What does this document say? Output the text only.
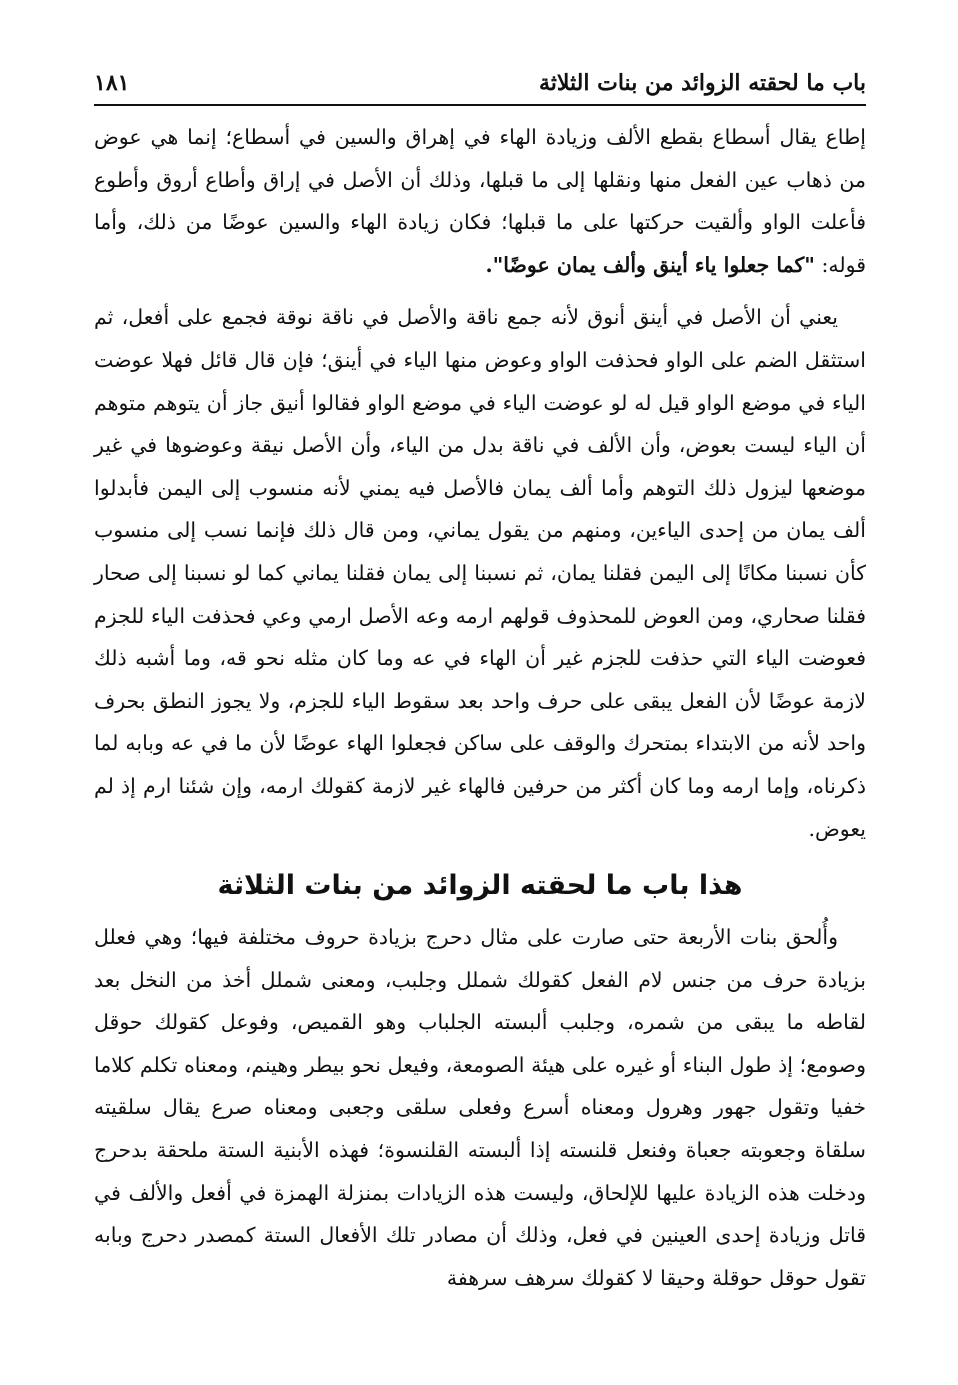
باب ما لحقته الزوائد من بنات الثلاثة
١٨١

إطاع يقال أسطاع بقطع الألف وزيادة الهاء في إهراق والسين في أسطاع؛ إنما هي عوض من ذهاب عين الفعل منها ونقلها إلى ما قبلها، وذلك أن الأصل في إراق وأطاع أروق وأطوع فأعلت الواو وألقيت حركتها على ما قبلها؛ فكان زيادة الهاء والسين عوضًا من ذلك، وأما قوله: "كما جعلوا ياء أينق وألف يمان عوضًا".

يعني أن الأصل في أينق أنوق لأنه جمع ناقة والأصل في ناقة نوقة فجمع على أفعل، ثم استثقل الضم على الواو فحذفت الواو وعوض منها الياء في أينق؛ فإن قال قائل فهلا عوضت الياء في موضع الواو قيل له لو عوضت الياء في موضع الواو فقالوا أنيق جاز أن يتوهم متوهم أن الياء ليست بعوض، وأن الألف في ناقة بدل من الياء، وأن الأصل نيقة وعوضوها في غير موضعها ليزول ذلك التوهم وأما ألف يمان فالأصل فيه يمني لأنه منسوب إلى اليمن فأبدلوا ألف يمان من إحدى الياءين، ومنهم من يقول يماني، ومن قال ذلك فإنما نسب إلى منسوب كأن نسبنا مكانًا إلى اليمن فقلنا يمان، ثم نسبنا إلى يمان فقلنا يماني كما لو نسبنا إلى صحار فقلنا صحاري، ومن العوض للمحذوف قولهم ارمه وعه الأصل ارمي وعي فحذفت الياء للجزم فعوضت الياء التي حذفت للجزم غير أن الهاء في عه وما كان مثله نحو قه، وما أشبه ذلك لازمة عوضًا لأن الفعل يبقى على حرف واحد بعد سقوط الياء للجزم، ولا يجوز النطق بحرف واحد لأنه من الابتداء بمتحرك والوقف على ساكن فجعلوا الهاء عوضًا لأن ما في عه وبابه لما ذكرناه، وإما ارمه وما كان أكثر من حرفين فالهاء غير لازمة كقولك ارمه، وإن شئنا ارم إذ لم يعوض.

هذا باب ما لحقته الزوائد من بنات الثلاثة

وأُلحق بنات الأربعة حتى صارت على مثال دحرج بزيادة حروف مختلفة فيها؛ وهي فعلل بزيادة حرف من جنس لام الفعل كقولك شملل وجلبب، ومعنى شملل أخذ من النخل بعد لقاطه ما يبقى من شمره، وجلبب ألبسته الجلباب وهو القميص، وفوعل كقولك حوقل وصومع؛ إذ طول البناء أو غيره على هيئة الصومعة، وفيعل نحو بيطر وهينم، ومعناه تكلم كلاما خفيا وتقول جهور وهرول ومعناه أسرع وفعلى سلقى وجعبى ومعناه صرع يقال سلقيته سلقاة وجعوبته جعباة وفنعل قلنسته إذا ألبسته القلنسوة؛ فهذه الأبنية الستة ملحقة بدحرج ودخلت هذه الزيادة عليها للإلحاق، وليست هذه الزيادات بمنزلة الهمزة في أفعل والألف في قاتل وزيادة إحدى العينين في فعل، وذلك أن مصادر تلك الأفعال الستة كمصدر دحرج وبابه تقول حوقل حوقلة وحيقا لا كقولك سرهف سرهفة
